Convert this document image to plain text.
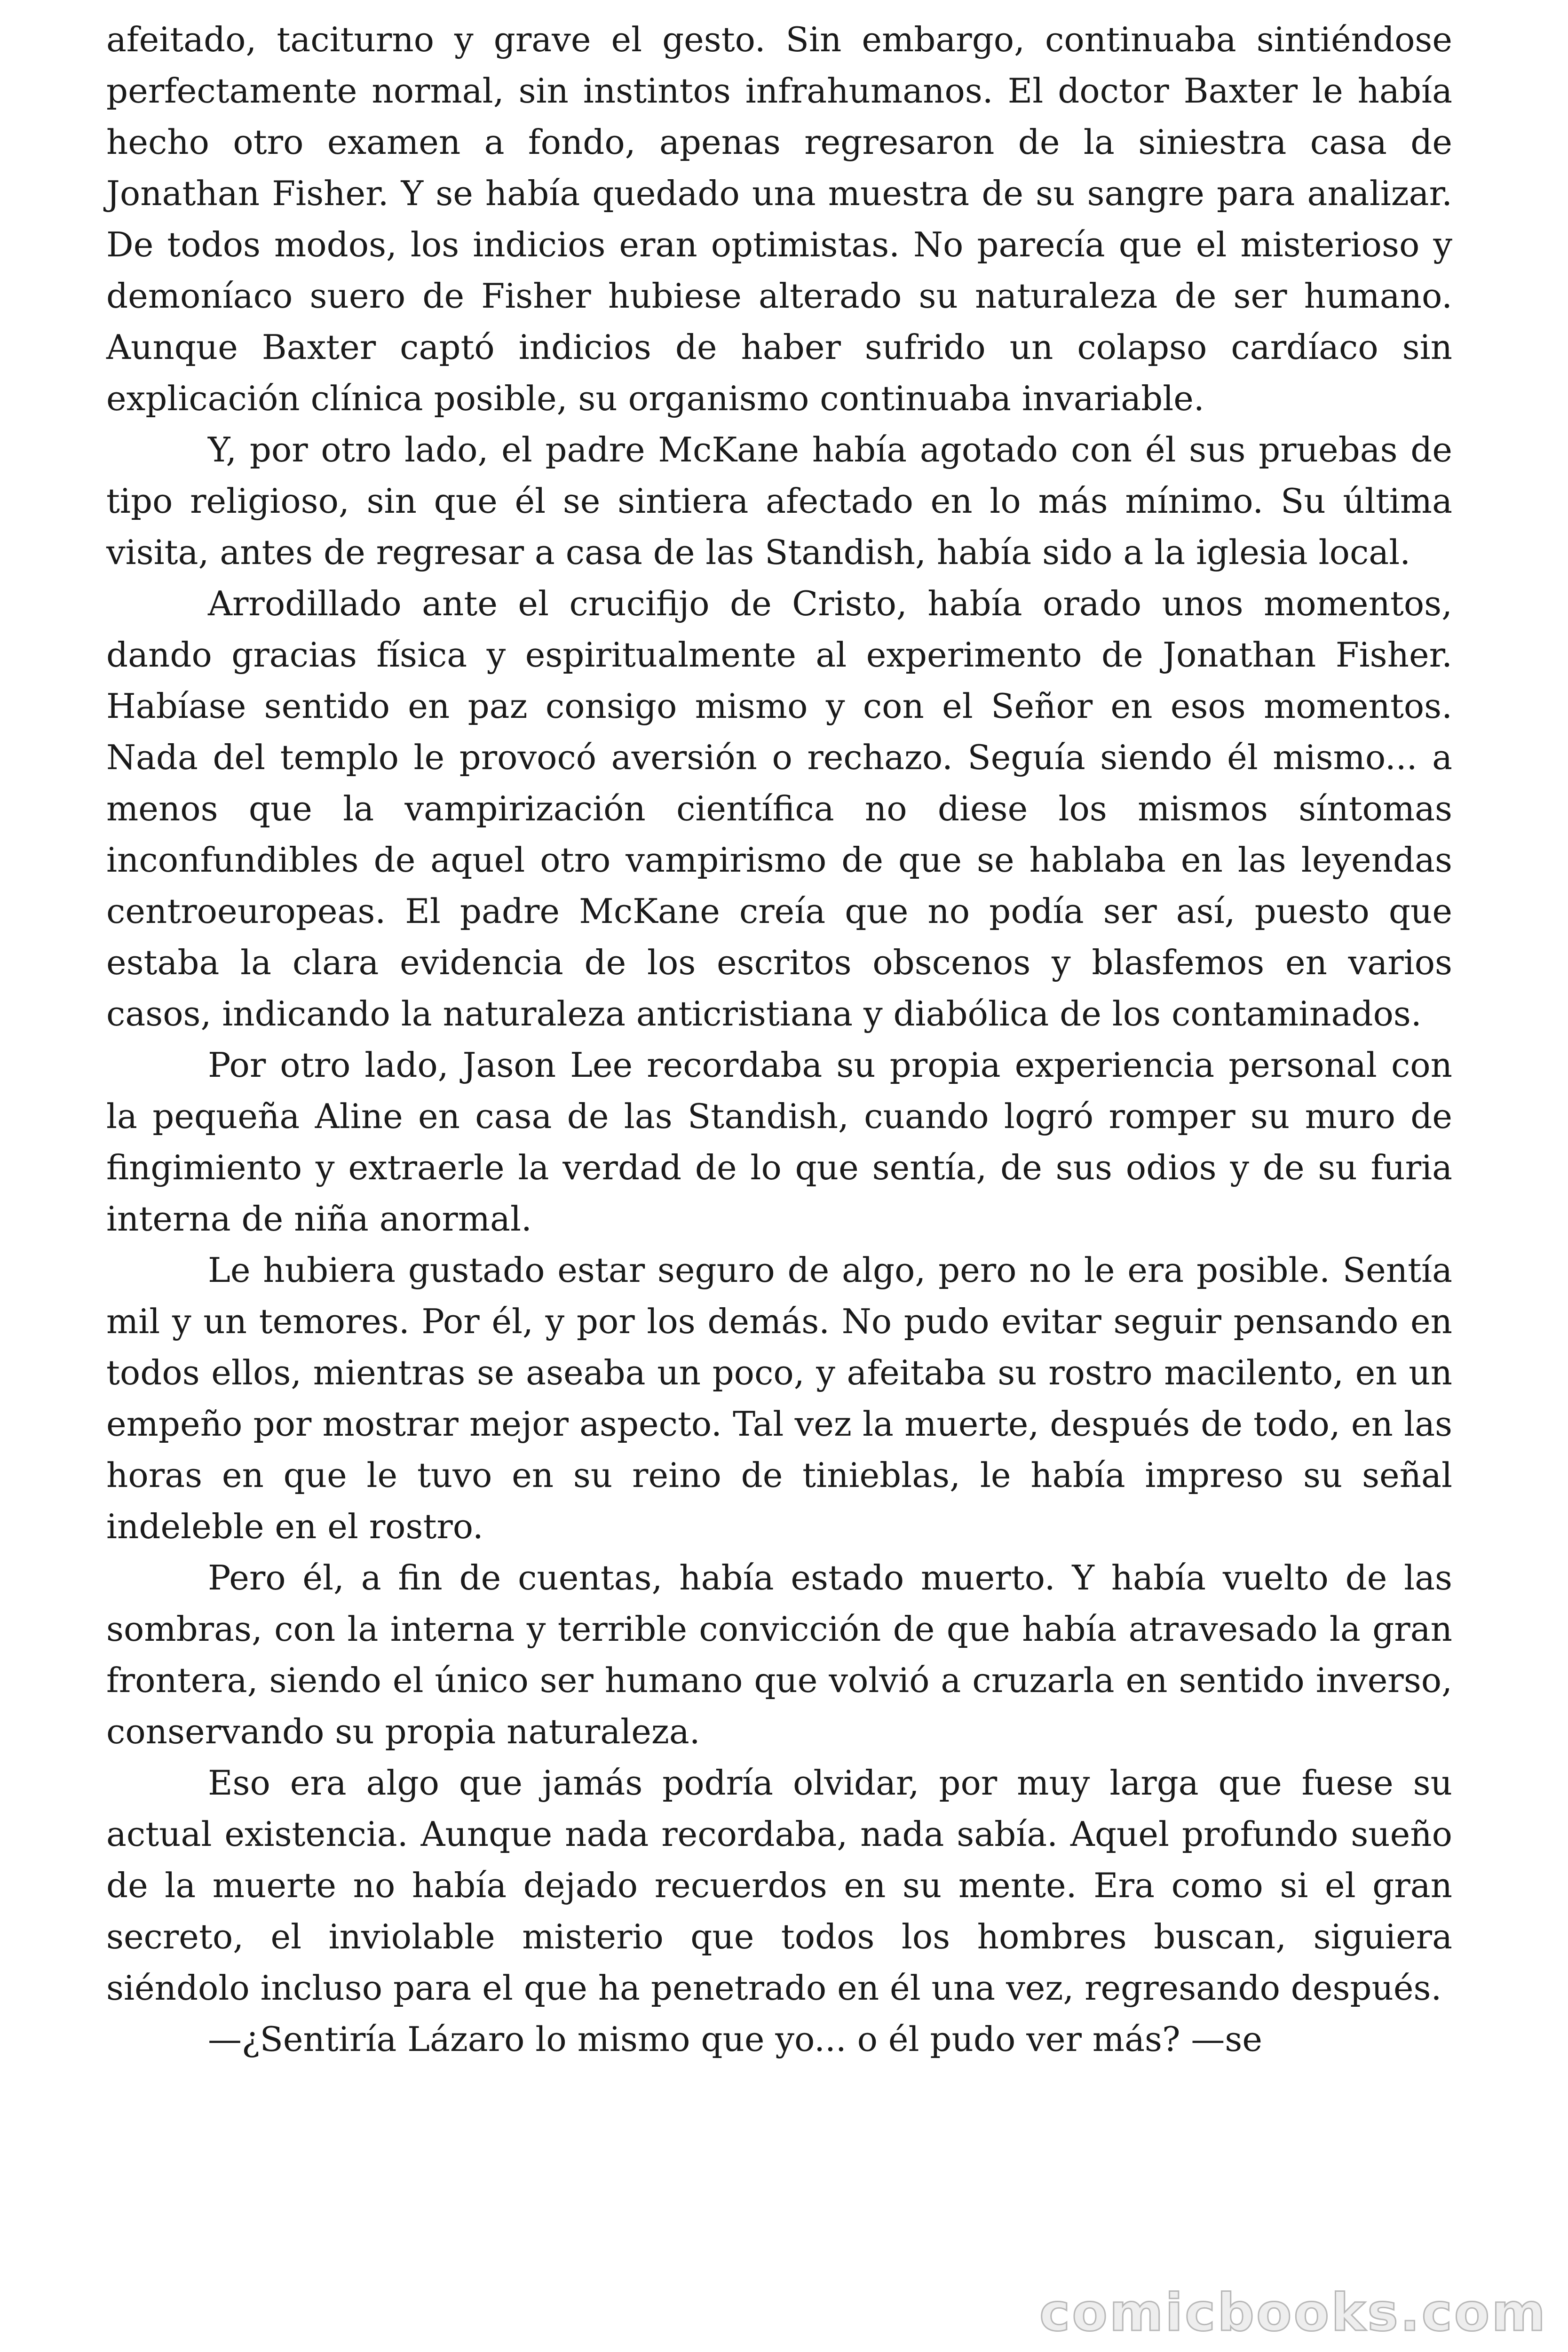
afeitado, taciturno y grave el gesto. Sin embargo, continuaba sintiéndose perfectamente normal, sin instintos infrahumanos. El doctor Baxter le había hecho otro examen a fondo, apenas regresaron de la siniestra casa de Jonathan Fisher. Y se había quedado una muestra de su sangre para analizar. De todos modos, los indicios eran optimistas. No parecía que el misterioso y demoníaco suero de Fisher hubiese alterado su naturaleza de ser humano. Aunque Baxter captó indicios de haber sufrido un colapso cardíaco sin explicación clínica posible, su organismo continuaba invariable.

Y, por otro lado, el padre McKane había agotado con él sus pruebas de tipo religioso, sin que él se sintiera afectado en lo más mínimo. Su última visita, antes de regresar a casa de las Standish, había sido a la iglesia local.

Arrodillado ante el crucifijo de Cristo, había orado unos momentos, dando gracias física y espiritualmente al experimento de Jonathan Fisher. Habíase sentido en paz consigo mismo y con el Señor en esos momentos. Nada del templo le provocó aversión o rechazo. Seguía siendo él mismo... a menos que la vampirización científica no diese los mismos síntomas inconfundibles de aquel otro vampirismo de que se hablaba en las leyendas centroeuropeas. El padre McKane creía que no podía ser así, puesto que estaba la clara evidencia de los escritos obscenos y blasfemos en varios casos, indicando la naturaleza anticristiana y diabólica de los contaminados.

Por otro lado, Jason Lee recordaba su propia experiencia personal con la pequeña Aline en casa de las Standish, cuando logró romper su muro de fingimiento y extraerle la verdad de lo que sentía, de sus odios y de su furia interna de niña anormal.

Le hubiera gustado estar seguro de algo, pero no le era posible. Sentía mil y un temores. Por él, y por los demás. No pudo evitar seguir pensando en todos ellos, mientras se aseaba un poco, y afeitaba su rostro macilento, en un empeño por mostrar mejor aspecto. Tal vez la muerte, después de todo, en las horas en que le tuvo en su reino de tinieblas, le había impreso su señal indeleble en el rostro.

Pero él, a fin de cuentas, había estado muerto. Y había vuelto de las sombras, con la interna y terrible convicción de que había atravesado la gran frontera, siendo el único ser humano que volvió a cruzarla en sentido inverso, conservando su propia naturaleza.

Eso era algo que jamás podría olvidar, por muy larga que fuese su actual existencia. Aunque nada recordaba, nada sabía. Aquel profundo sueño de la muerte no había dejado recuerdos en su mente. Era como si el gran secreto, el inviolable misterio que todos los hombres buscan, siguiera siéndolo incluso para el que ha penetrado en él una vez, regresando después.

—¿Sentiría Lázaro lo mismo que yo... o él pudo ver más? —se

comicbooks.com
